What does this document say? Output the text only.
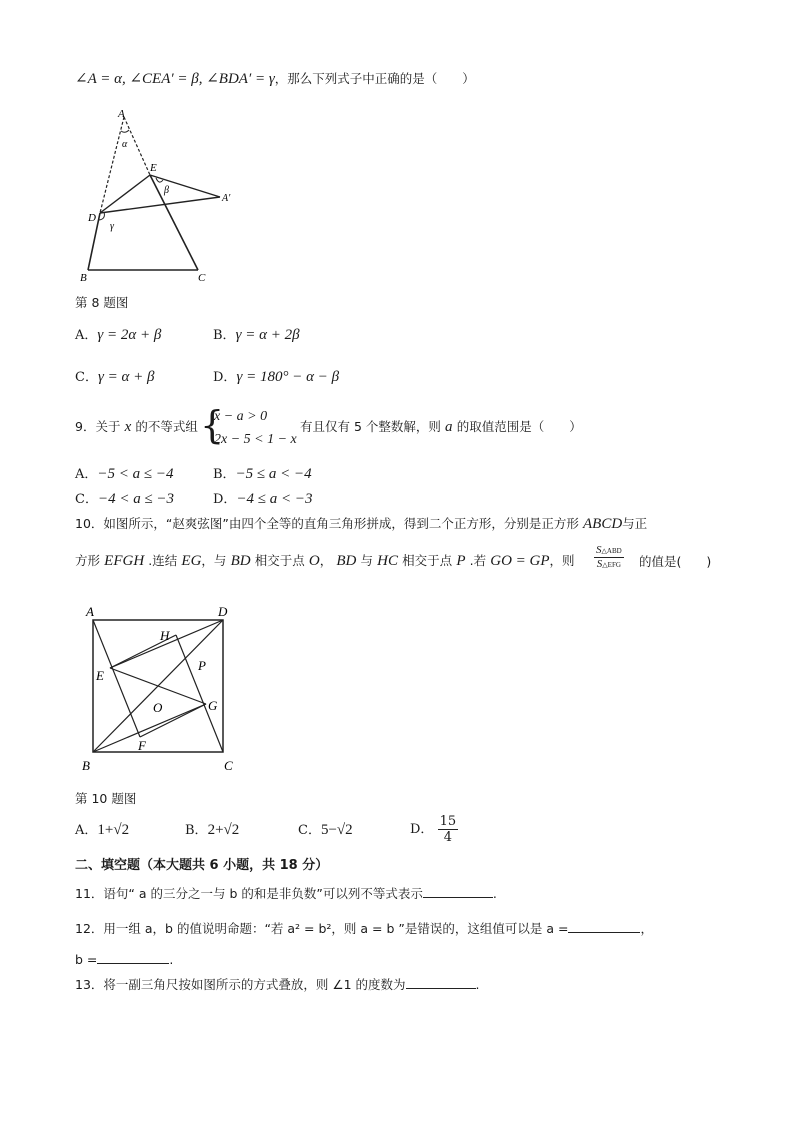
∠A = α, ∠CEA′ = β, ∠BDA′ = γ，那么下列式子中正确的是（　　）
A
α
E
β
A′
D
γ
B	C
第 8 题图
A．γ = 2α + β	B．γ = α + 2β
C．γ = α + β	D．γ = 180° − α − β
9．关于 x 的不等式组 {
x − a > 0
2x − 5 < 1 − x
有且仅有 5 个整数解，则 a 的取值范围是（　　）
A．−5 < a ≤ −4	B．−5 ≤ a < −4
C．−4 < a ≤ −3	D．−4 ≤ a < −3
10．如图所示，“赵爽弦图”由四个全等的直角三角形拼成，得到二个正方形，分别是正方形 ABCD与正
方形 EFGH .连结 EG，与 BD 相交于点 O， BD 与 HC 相交于点 P .若 GO = GP，则 $\frac{\text{S△ABD}}{\text{S△EFG}}$ 的值是(　　)
A	D
H
P
E
O	G
F
B	C
第 10 题图
A．1+√2	B．2+√2	C．5−√2	D． $\frac{15}{4}$
二、填空题（本大题共 6 小题，共 18 分）
11．语句“ a 的三分之一与 b 的和是非负数”可以列不等式表示	.
12．用一组 a，b 的值说明命题：“若 a² = b²，则 a = b ”是错误的，这组值可以是 a =	，
b =	.
13．将一副三角尺按如图所示的方式叠放，则 ∠1 的度数为	.
